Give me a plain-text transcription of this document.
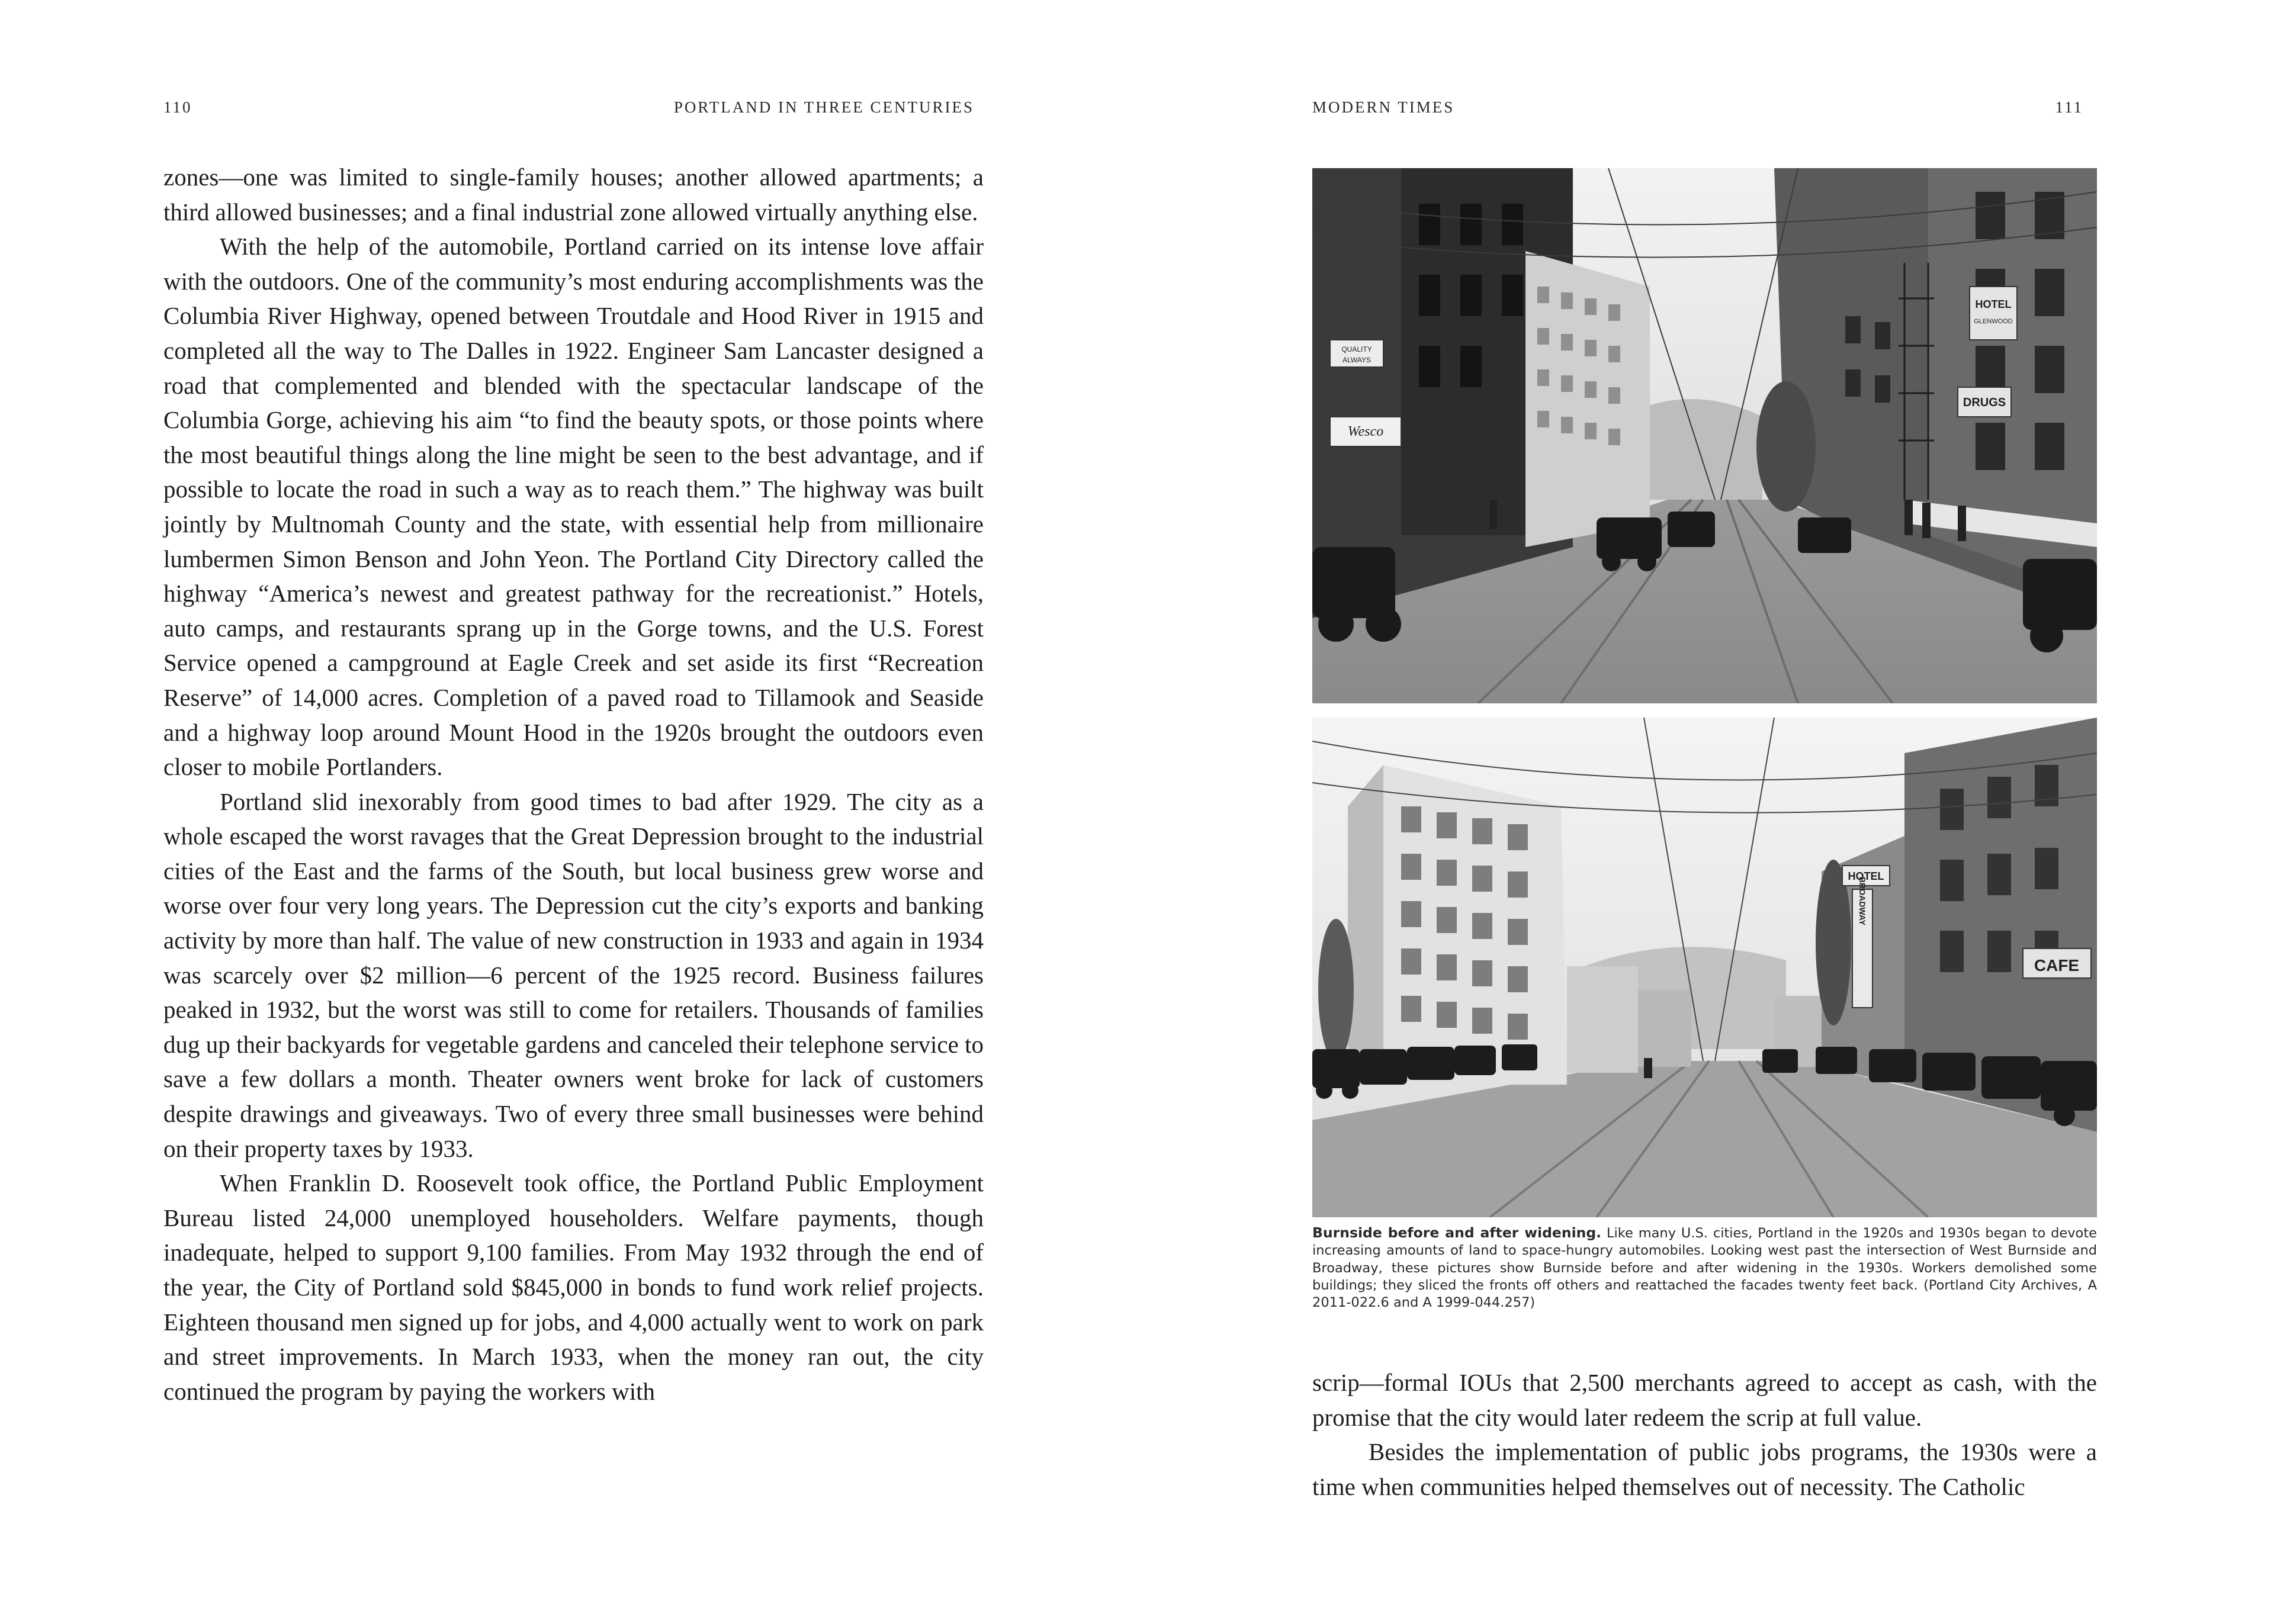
110	PORTLAND IN THREE CENTURIES

zones—one was limited to single-family houses; another allowed apartments; a third allowed businesses; and a final industrial zone allowed virtually anything else.

With the help of the automobile, Portland carried on its intense love affair with the outdoors. One of the community’s most enduring accomplishments was the Columbia River Highway, opened between Troutdale and Hood River in 1915 and completed all the way to The Dalles in 1922. Engineer Sam Lancaster designed a road that complemented and blended with the spectacular landscape of the Columbia Gorge, achieving his aim “to find the beauty spots, or those points where the most beautiful things along the line might be seen to the best advantage, and if possible to locate the road in such a way as to reach them.” The highway was built jointly by Multnomah County and the state, with essential help from millionaire lumbermen Simon Benson and John Yeon. The Portland City Directory called the highway “America’s newest and greatest pathway for the recreationist.” Hotels, auto camps, and restaurants sprang up in the Gorge towns, and the U.S. Forest Service opened a campground at Eagle Creek and set aside its first “Recreation Reserve” of 14,000 acres. Completion of a paved road to Tillamook and Seaside and a highway loop around Mount Hood in the 1920s brought the outdoors even closer to mobile Portlanders.

Portland slid inexorably from good times to bad after 1929. The city as a whole escaped the worst ravages that the Great Depression brought to the industrial cities of the East and the farms of the South, but local business grew worse and worse over four very long years. The Depression cut the city’s exports and banking activity by more than half. The value of new construction in 1933 and again in 1934 was scarcely over $2 million—6 percent of the 1925 record. Business failures peaked in 1932, but the worst was still to come for retailers. Thousands of families dug up their backyards for vegetable gardens and canceled their telephone service to save a few dollars a month. Theater owners went broke for lack of customers despite drawings and giveaways. Two of every three small businesses were behind on their property taxes by 1933.

When Franklin D. Roosevelt took office, the Portland Public Employment Bureau listed 24,000 unemployed householders. Welfare payments, though inadequate, helped to support 9,100 families. From May 1932 through the end of the year, the City of Portland sold $845,000 in bonds to fund work relief projects. Eighteen thousand men signed up for jobs, and 4,000 actually went to work on park and street improvements. In March 1933, when the money ran out, the city continued the program by paying the workers with

MODERN TIMES	111
QUALITY
ALWAYS
Wesco
HOTEL
GLENWOOD
DRUGS
HOTEL
BROADWAY
CAFE
Burnside before and after widening. Like many U.S. cities, Portland in the 1920s and 1930s began to devote increasing amounts of land to space-hungry automobiles. Looking west past the intersection of West Burnside and Broadway, these pictures show Burnside before and after widening in the 1930s. Workers demolished some buildings; they sliced the fronts off others and reattached the facades twenty feet back. (Portland City Archives, A 2011-022.6 and A 1999-044.257)

scrip—formal IOUs that 2,500 merchants agreed to accept as cash, with the promise that the city would later redeem the scrip at full value.

Besides the implementation of public jobs programs, the 1930s were a time when communities helped themselves out of necessity. The Catholic
